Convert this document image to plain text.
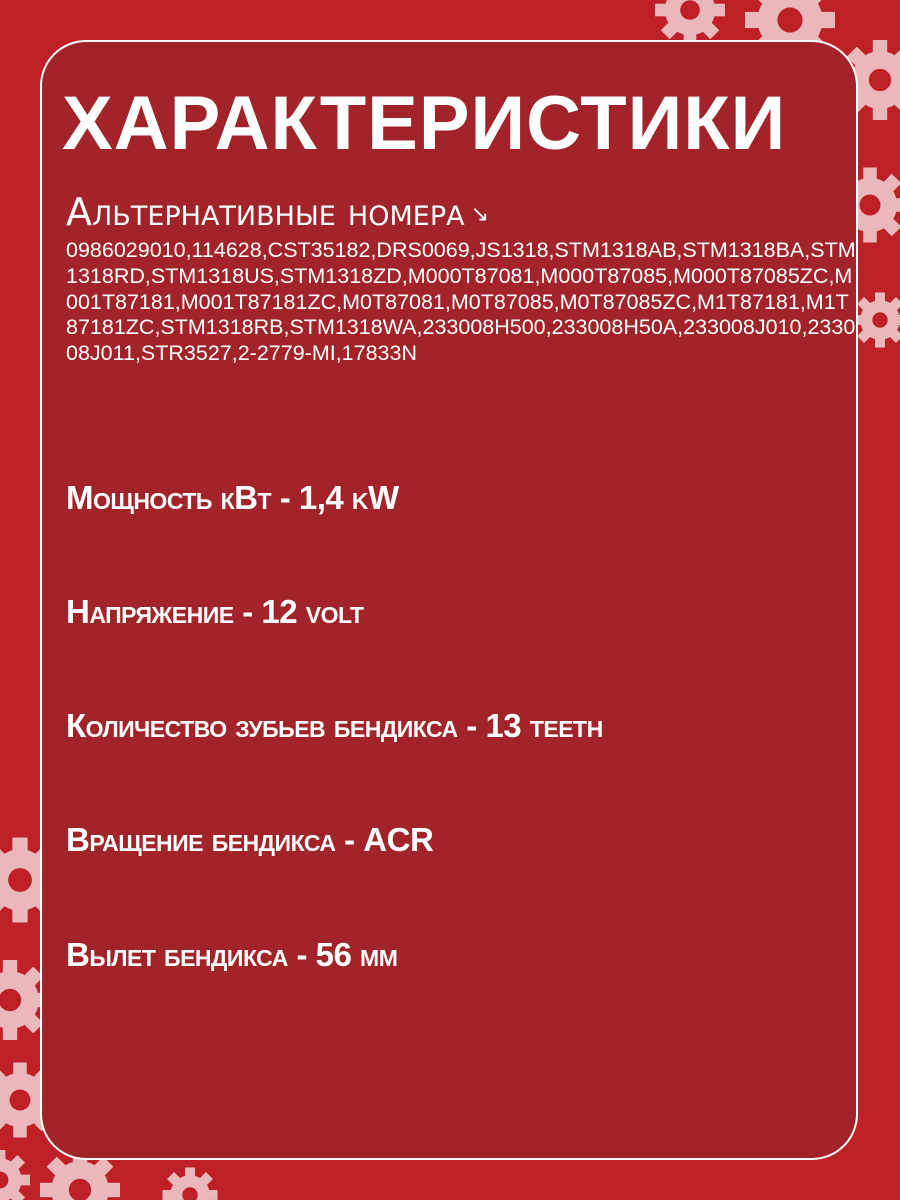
ХАРАКТЕРИСТИКИ
Альтернативные номера ↘
0986029010,114628,CST35182,DRS0069,JS1318,STM1318AB,STM1318BA,STM1318RD,STM1318US,STM1318ZD,M000T87081,M000T87085,M000T87085ZC,M001T87181,M001T87181ZC,M0T87081,M0T87085,M0T87085ZC,M1T87181,M1T87181ZC,STM1318RB,STM1318WA,233008H500,233008H50A,233008J010,233008J011,STR3527,2-2779-MI,17833N
Мощность кВт - 1,4 kW
Напряжение - 12 volt
Количество зубьев бендикса - 13 teeth
Вращение бендикса - ACR
Вылет бендикса - 56 мм
